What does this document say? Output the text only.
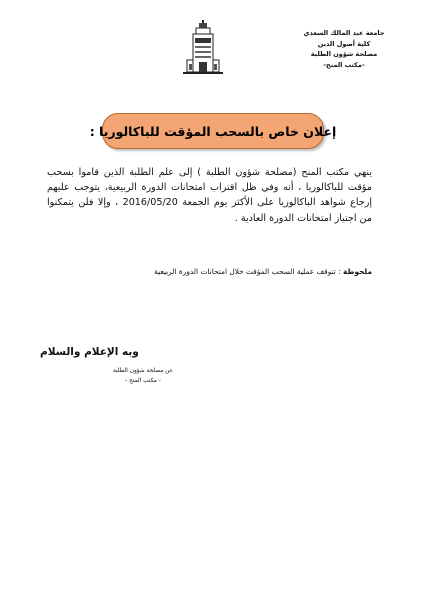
جامعة عبد المالك السعدي
كلية أصول الدين
مصلحة شؤون الطلبة
-مكتب المنح-
إعلان خاص بالسحب المؤقت للباكالوريا :

ينهي مكتب المنح (مصلحة شؤون الطلبة ) إلى علم الطلبة الذين قاموا بسحب مؤقت للباكالوريا ، أنه وفي ظل اقتراب امتحانات الدورة الربيعية، يتوجب عليهم إرجاع شواهد الباكالوريا على الأكثر يوم الجمعة 2016/05/20 ، وإلا فلن يتمكنوا من اجتياز امتحانات الدورة العادية .

ملحوظة : تتوقف عملية السحب المؤقت خلال امتحانات الدورة الربيعية
وبه الإعلام والسلام
عن مصلحة شؤون الطلبة
- مكتب المنح -
